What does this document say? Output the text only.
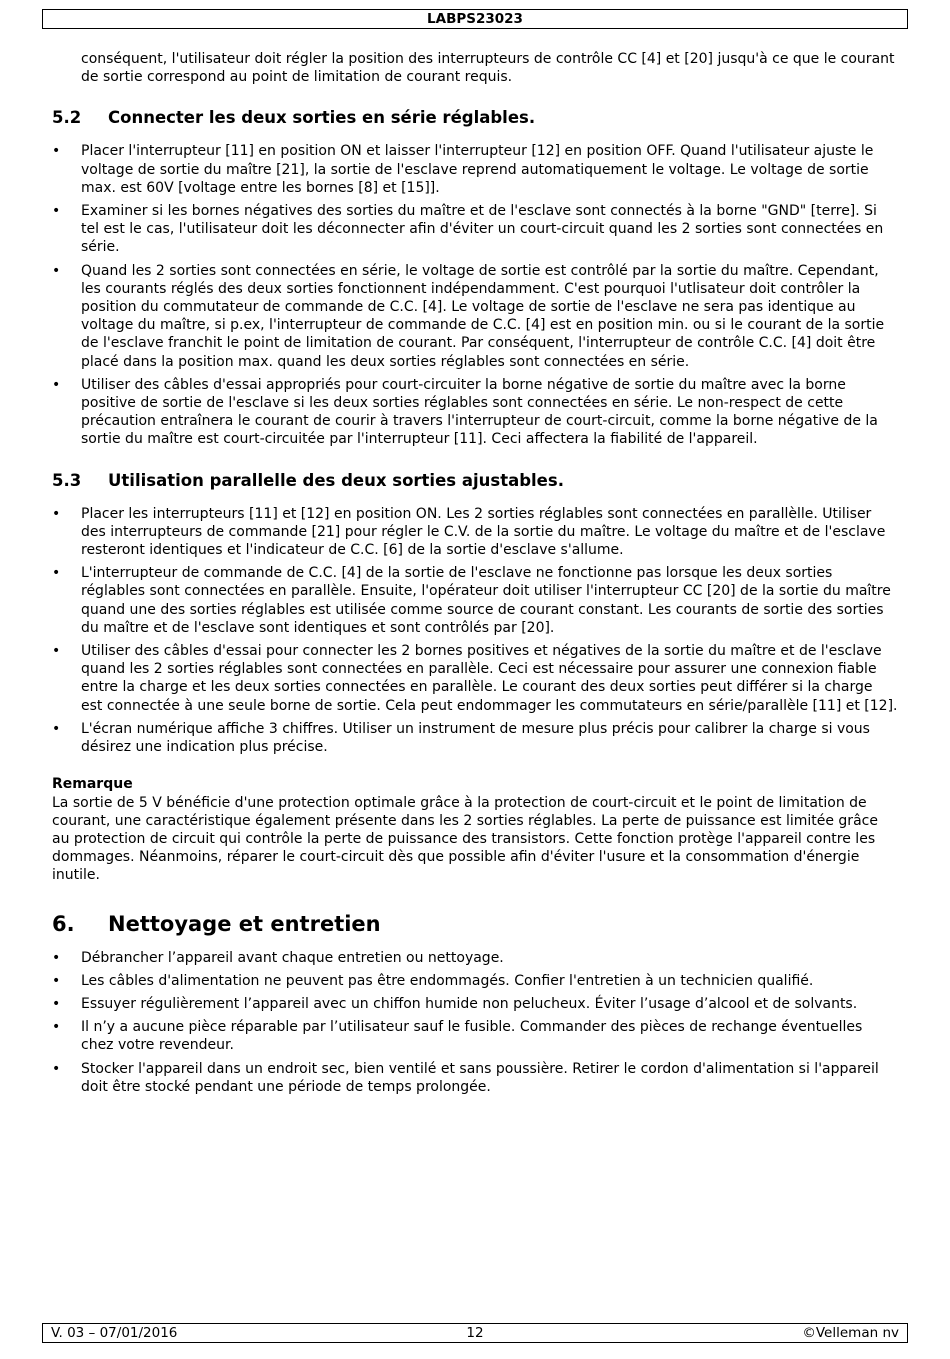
LABPS23023

conséquent, l'utilisateur doit régler la position des interrupteurs de contrôle CC [4] et [20] jusqu'à ce que le courant de sortie correspond au point de limitation de courant requis.

5.2 Connecter les deux sorties en série réglables.
• Placer l'interrupteur [11] en position ON et laisser l'interrupteur [12] en position OFF. Quand l'utilisateur ajuste le voltage de sortie du maître [21], la sortie de l'esclave reprend automatiquement le voltage. Le voltage de sortie max. est 60V [voltage entre les bornes [8] et [15]].
• Examiner si les bornes négatives des sorties du maître et de l'esclave sont connectés à la borne "GND" [terre]. Si tel est le cas, l'utilisateur doit les déconnecter afin d'éviter un court-circuit quand les 2 sorties sont connectées en série.
• Quand les 2 sorties sont connectées en série, le voltage de sortie est contrôlé par la sortie du maître. Cependant, les courants réglés des deux sorties fonctionnent indépendamment. C'est pourquoi l'utlisateur doit contrôler la position du commutateur de commande de C.C. [4]. Le voltage de sortie de l'esclave ne sera pas identique au voltage du maître, si p.ex, l'interrupteur de commande de C.C. [4] est en position min. ou si le courant de la sortie de l'esclave franchit le point de limitation de courant. Par conséquent, l'interrupteur de contrôle C.C. [4] doit être placé dans la position max. quand les deux sorties réglables sont connectées en série.
• Utiliser des câbles d'essai appropriés pour court-circuiter la borne négative de sortie du maître avec la borne positive de sortie de l'esclave si les deux sorties réglables sont connectées en série. Le non-respect de cette précaution entraînera le courant de courir à travers l'interrupteur de court-circuit, comme la borne négative de la sortie du maître est court-circuitée par l'interrupteur [11]. Ceci affectera la fiabilité de l'appareil.
5.3 Utilisation parallelle des deux sorties ajustables.
• Placer les interrupteurs [11] et [12] en position ON. Les 2 sorties réglables sont connectées en parallèlle. Utiliser des interrupteurs de commande [21] pour régler le C.V. de la sortie du maître. Le voltage du maître et de l'esclave resteront identiques et l'indicateur de C.C. [6] de la sortie d'esclave s'allume.
• L'interrupteur de commande de C.C. [4] de la sortie de l'esclave ne fonctionne pas lorsque les deux sorties réglables sont connectées en parallèle. Ensuite, l'opérateur doit utiliser l'interrupteur CC [20] de la sortie du maître quand une des sorties réglables est utilisée comme source de courant constant. Les courants de sortie des sorties du maître et de l'esclave sont identiques et sont contrôlés par [20].
• Utiliser des câbles d'essai pour connecter les 2 bornes positives et négatives de la sortie du maître et de l'esclave quand les 2 sorties réglables sont connectées en parallèle. Ceci est nécessaire pour assurer une connexion fiable entre la charge et les deux sorties connectées en parallèle. Le courant des deux sorties peut différer si la charge est connectée à une seule borne de sortie. Cela peut endommager les commutateurs en série/parallèle [11] et [12].
• L'écran numérique affiche 3 chiffres. Utiliser un instrument de mesure plus précis pour calibrer la charge si vous désirez une indication plus précise.

Remarque

La sortie de 5 V bénéficie d'une protection optimale grâce à la protection de court-circuit et le point de limitation de courant, une caractéristique également présente dans les 2 sorties réglables. La perte de puissance est limitée grâce au protection de circuit qui contrôle la perte de puissance des transistors. Cette fonction protège l'appareil contre les dommages. Néanmoins, réparer le court-circuit dès que possible afin d'éviter l'usure et la consommation d'énergie inutile.

6. Nettoyage et entretien
• Débrancher l’appareil avant chaque entretien ou nettoyage.
• Les câbles d'alimentation ne peuvent pas être endommagés. Confier l'entretien à un technicien qualifié.
• Essuyer régulièrement l’appareil avec un chiffon humide non pelucheux. Éviter l’usage d’alcool et de solvants.
• Il n’y a aucune pièce réparable par l’utilisateur sauf le fusible. Commander des pièces de rechange éventuelles chez votre revendeur.
• Stocker l'appareil dans un endroit sec, bien ventilé et sans poussière. Retirer le cordon d'alimentation si l'appareil doit être stocké pendant une période de temps prolongée.
V. 03 – 07/01/2016	12	©Velleman nv
